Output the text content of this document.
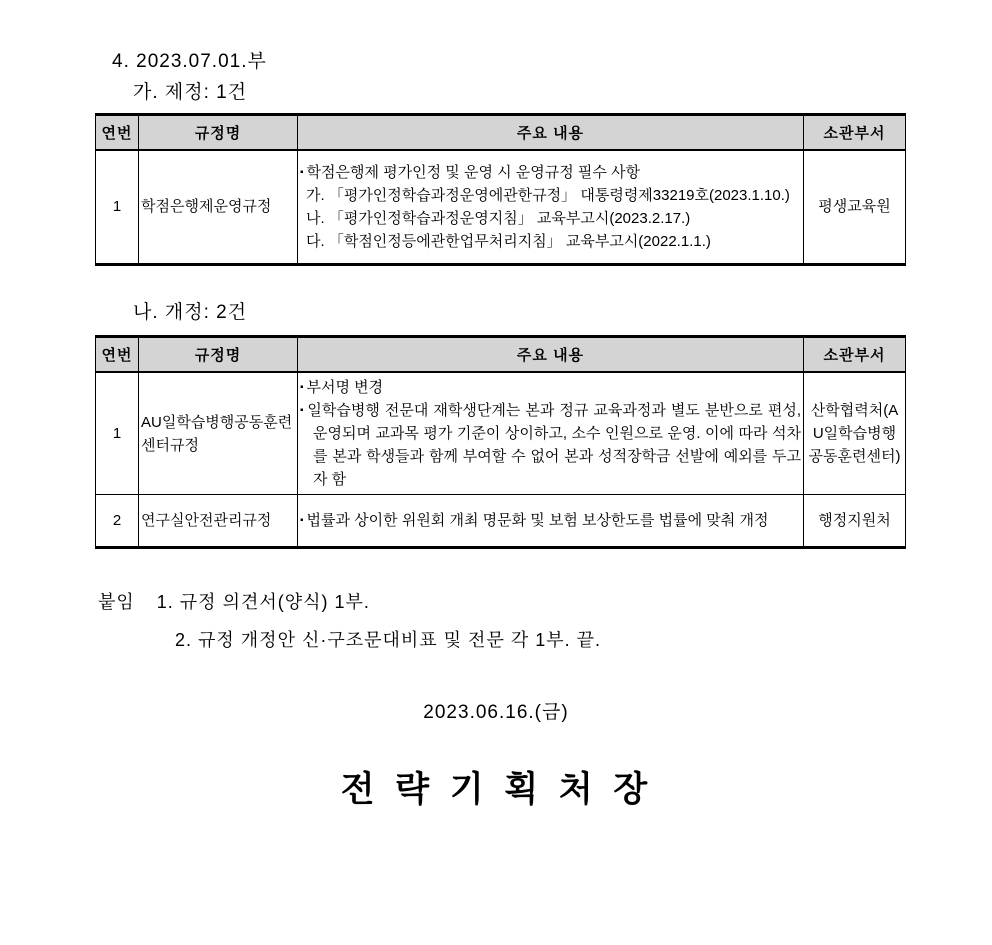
4. 2023.07.01.부
가. 제정: 1건
연번	규정명	주요 내용	소관부서
1	학점은행제운영규정	▪ 학점은행제 평가인정 및 운영 시 운영규정 필수 사항
가. 「평가인정학습과정운영에관한규정」 대통령령제33219호(2023.1.10.)
나. 「평가인정학습과정운영지침」 교육부고시(2023.2.17.)
다. 「학점인정등에관한업무처리지침」 교육부고시(2022.1.1.)	평생교육원
나. 개정: 2건
연번	규정명	주요 내용	소관부서
1	AU일학습병행공동훈련센터규정	▪ 부서명 변경
▪ 일학습병행 전문대 재학생단계는 본과 정규 교육과정과 별도 분반으로 편성, 운영되며 교과목 평가 기준이 상이하고, 소수 인원으로 운영. 이에 따라 석차를 본과 학생들과 함께 부여할 수 없어 본과 성적장학금 선발에 예외를 두고자 함	산학협력처(AU일학습병행공동훈련센터)
2	연구실안전관리규정	▪ 법률과 상이한 위원회 개최 명문화 및 보험 보상한도를 법률에 맞춰 개정	행정지원처
붙임 1. 규정 의견서(양식) 1부.
2. 규정 개정안 신·구조문대비표 및 전문 각 1부. 끝.
2023.06.16.(금)
전 략 기 획 처 장
